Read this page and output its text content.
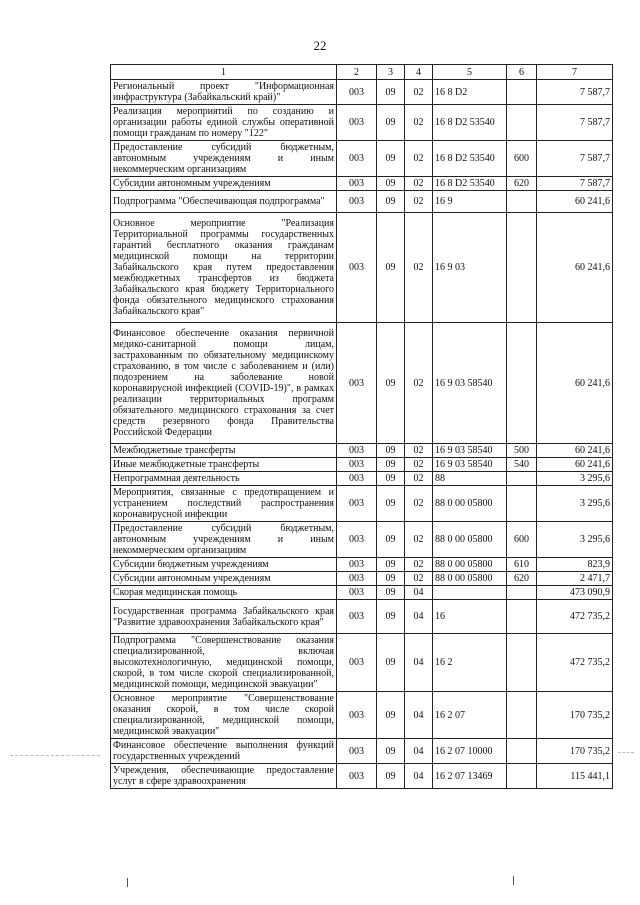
22
1	2	3	4	5	6	7
Региональный проект "Информационная инфраструктура (Забайкальский край)"	003	09	02	16 8 D2		7 587,7
Реализация мероприятий по созданию и организации работы единой службы оперативной помощи гражданам по номеру "122"	003	09	02	16 8 D2 53540		7 587,7
Предоставление субсидий бюджетным, автономным учреждениям и иным некоммерческим организациям	003	09	02	16 8 D2 53540	600	7 587,7
Субсидии автономным учреждениям	003	09	02	16 8 D2 53540	620	7 587,7
Подпрограмма "Обеспечивающая подпрограмма"	003	09	02	16 9		60 241,6
Основное мероприятие "Реализация Территориальной программы государственных гарантий бесплатного оказания гражданам медицинской помощи на территории Забайкальского края путем предоставления межбюджетных трансфертов из бюджета Забайкальского края бюджету Территориального фонда обязательного медицинского страхования Забайкальского края"	003	09	02	16 9 03		60 241,6
Финансовое обеспечение оказания первичной медико-санитарной помощи лицам, застрахованным по обязательному медицинскому страхованию, в том числе с заболеванием и (или) подозрением на заболевание новой коронавирусной инфекцией (COVID-19)", в рамках реализации территориальных программ обязательного медицинского страхования за счет средств резервного фонда Правительства Российской Федерации	003	09	02	16 9 03 58540		60 241,6
Межбюджетные трансферты	003	09	02	16 9 03 58540	500	60 241,6
Иные межбюджетные трансферты	003	09	02	16 9 03 58540	540	60 241,6
Непрограммная деятельность	003	09	02	88		3 295,6
Мероприятия, связанные с предотвращением и устранением последствий распространения коронавирусной инфекции	003	09	02	88 0 00 05800		3 295,6
Предоставление субсидий бюджетным, автономным учреждениям и иным некоммерческим организациям	003	09	02	88 0 00 05800	600	3 295,6
Субсидии бюджетным учреждениям	003	09	02	88 0 00 05800	610	823,9
Субсидии автономным учреждениям	003	09	02	88 0 00 05800	620	2 471,7
Скорая медицинская помощь	003	09	04			473 090,9
Государственная программа Забайкальского края "Развитие здравоохранения Забайкальского края"	003	09	04	16		472 735,2
Подпрограмма "Совершенствование оказания специализированной, включая высокотехнологичную, медицинской помощи, скорой, в том числе скорой специализированной, медицинской помощи, медицинской эвакуации"	003	09	04	16 2		472 735,2
Основное мероприятие "Совершенствование оказания скорой, в том числе скорой специализированной, медицинской помощи, медицинской эвакуации"	003	09	04	16 2 07		170 735,2
Финансовое обеспечение выполнения функций государственных учреждений	003	09	04	16 2 07 10000		170 735,2
Учреждения, обеспечивающие предоставление услуг в сфере здравоохранения	003	09	04	16 2 07 13469		115 441,1
